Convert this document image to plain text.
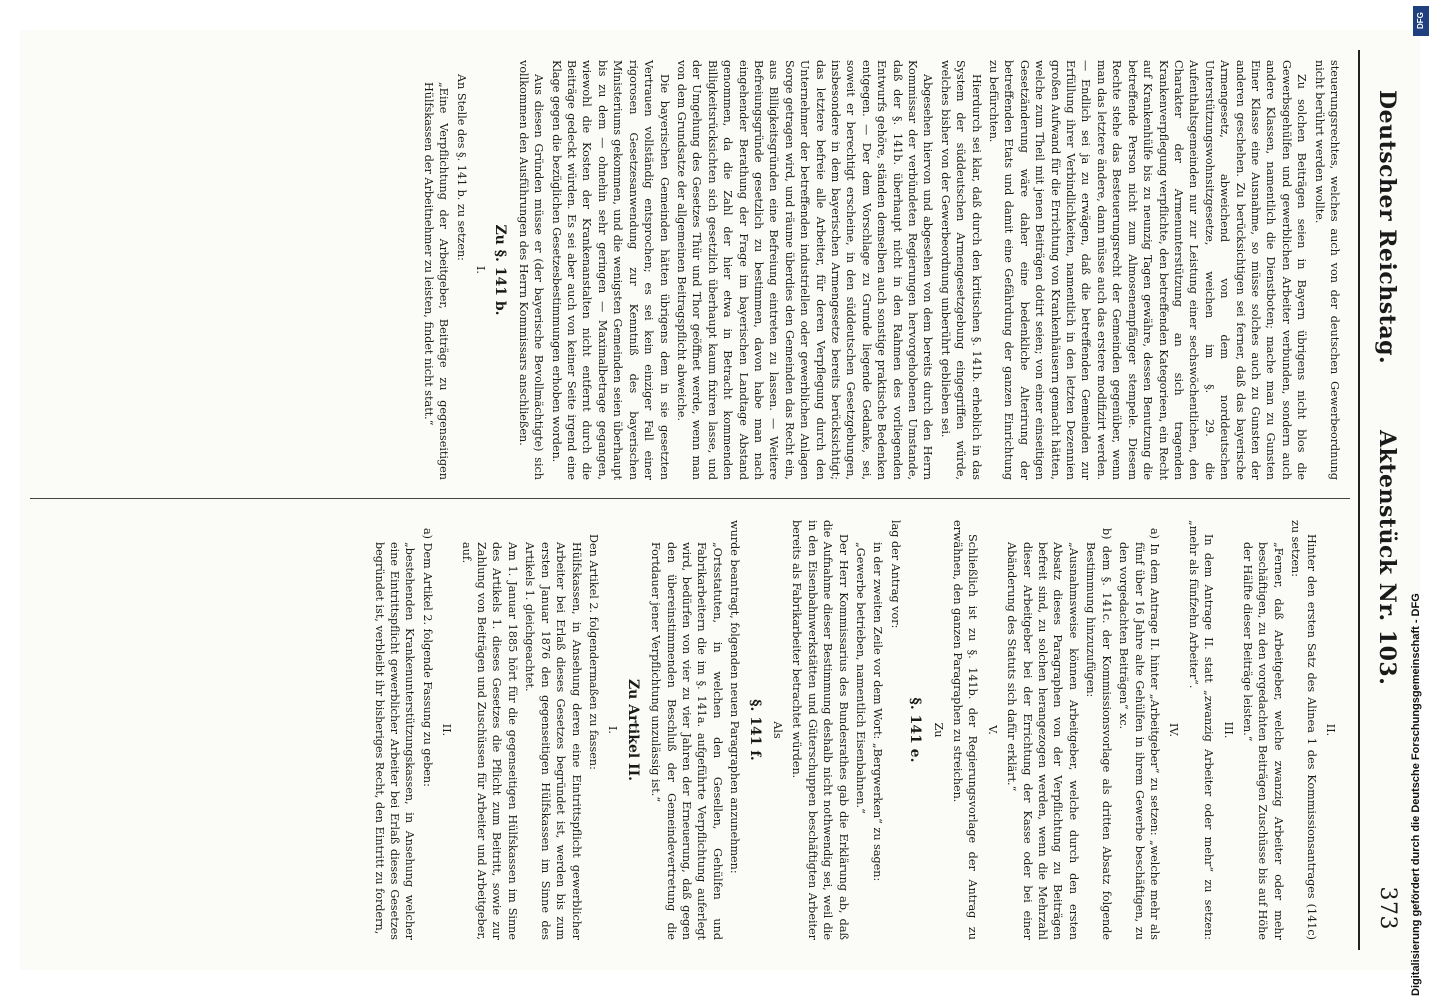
Deutscher Reichstag.
Aktenstück Nr. 103.
373

steuerungsrechtes, welches auch von der deutschen Gewerbeordnung nicht berührt werden wollte.

Zu solchen Beiträgen seien in Bayern übrigens nicht blos die Gewerbsgehülfen und gewerblichen Arbeiter verbunden, sondern auch andere Klassen, namentlich die Dienstboten; mache man zu Gunsten Einer Klasse eine Ausnahme, so müsse solches auch zu Gunsten der anderen geschehen. Zu berücksichtigen sei ferner, daß das bayerische Armengesetz, abweichend von dem norddeutschen Unterstützungswohnsitzgesetze, weichen im §. 29. die Aufenthaltsgemeinden nur zur Leistung einer sechswöchentlichen, den Charakter der Armenunterstützung an sich tragenden Krankenverpflegung verpflichte, den betreffenden Kategorieen, ein Recht auf Krankenhülfe bis zu neunzig Tagen gewähre, dessen Benutzung die betreffende Person nicht zum Almosenempfänger stempele. Diesem Rechte stehe das Besteuerungsrecht der Gemeinden gegenüber, wenn man das letztere ändere, dann müsse auch das erstere modifizirt werden. — Endlich sei ja zu erwägen, daß die betreffenden Gemeinden zur Erfüllung ihrer Verbindlichkeiten, namentlich in den letzten Dezennien großen Aufwand für die Errichtung von Krankenhäusern gemacht hätten, welche zum Theil mit jenen Beiträgen dotirt seien; von einer einseitigen Gesetzänderung wäre daher eine bedenkliche Alterirung der betreffenden Etats und damit eine Gefährdung der ganzen Einrichtung zu befürchten.

Hierdurch sei klar, daß durch den kritischen §. 141b. erheblich in das System der süddeutschen Armengesetzgebung eingegriffen würde, welches bisher von der Gewerbeordnung unberührt geblieben sei.

Abgesehen hiervon und abgesehen von dem bereits durch den Herrn Kommissar der verbündeten Regierungen hervorgehobenen Umstande, daß der §. 141b. überhaupt nicht in den Rahmen des vorliegenden Entwurfs gehöre, ständen demselben auch sonstige praktische Bedenken entgegen. — Der dem Vorschlage zu Grunde liegende Gedanke, sei, soweit er berechtigt erscheine, in den süddeutschen Gesetzgebungen, insbesondere in dem bayerischen Armengesetze bereits berücksichtigt; das letztere befreie alle Arbeiter, für deren Verpflegung durch den Unternehmer der betreffenden industriellen oder gewerblichen Anlagen Sorge getragen wird, und räume überdies den Gemeinden das Recht ein, aus Billigkeitsgründen eine Befreiung eintreten zu lassen. — Weitere Befreiungsgründe gesetzlich zu bestimmen, davon habe man nach eingehender Berathung der Frage im bayerischen Landtage Abstand genommen, da die Zahl der hier etwa in Betracht kommenden Billigkeitsrücksichten sich gesetzlich überhaupt kaum fixiren lasse, und der Umgehung des Gesetzes Thür und Thor geöffnet werde, wenn man von dem Grundsatze der allgemeinen Beitragspflicht abweiche.

Die bayerischen Gemeinden hätten übrigens dem in sie gesetzten Vertrauen vollständig entsprochen; es sei kein einziger Fall einer rigorosen Gesetzesanwendung zur Kenntniß des bayerischen Ministeriums gekommen, und die wenigsten Gemeinden seien überhaupt bis zu dem — ohnehin sehr geringen — Maximalbetrage gegangen, wiewohl die Kosten der Krankenanstalten nicht entfernt durch die Beiträge gedeckt würden. Es sei aber auch von keiner Seite irgend eine Klage gegen die bezüglichen Gesetzesbestimmungen erhoben worden.

Aus diesen Gründen müsse er (der bayerische Bevollmächtigte) sich vollkommen den Ausführungen des Herrn Kommissars anschließen.

Zu §. 141 b.
I.

An Stelle des §. 141 b. zu setzen:

„Eine Verpflichtung der Arbeitgeber, Beiträge zu gegenseitigen Hülfskassen der Arbeitnehmer zu leisten, findet nicht statt.“

II.

Hinter den ersten Satz des Alinea 1 des Kommissionsantrages (141c) zu setzen:

„Ferner, daß Arbeitgeber, welche zwanzig Arbeiter oder mehr beschäftigen, zu den vorgedachten Beiträgen Zuschüsse bis auf Höhe der Hälfte dieser Beiträge leisten.“

III.

In dem Antrage II. statt „zwanzig Arbeiter oder mehr“ zu setzen: „mehr als fünfzehn Arbeiter“.

IV.

a) In dem Antrage II. hinter „Arbeitgeber“ zu setzen: „welche mehr als fünf über 16 Jahre alte Gehülfen in ihrem Gewerbe beschäftigen, zu den vorgedachten Beiträgen“ xc.

b) dem §. 141c. der Kommissionsvorlage als dritten Absatz folgende Bestimmung hinzuzufügen:

„Ausnahmsweise können Arbeitgeber, welche durch den ersten Absatz dieses Paragraphen von der Verpflichtung zu Beiträgen befreit sind, zu solchen herangezogen werden, wenn die Mehrzahl dieser Arbeitgeber bei der Errichtung der Kasse oder bei einer Abänderung des Statuts sich dafür erklärt.“

V.

Schließlich ist zu §. 141b. der Regierungsvorlage der Antrag zu erwähnen, den ganzen Paragraphen zu streichen.

Zu
§. 141 e.

lag der Antrag vor:

in der zweiten Zeile vor dem Wort: „Bergwerken“ zu sagen:

„Gewerbe betrieben, namentlich Eisenbahnen.“

Der Herr Kommissarius des Bundesrathes gab die Erklärung ab, daß die Aufnahme dieser Bestimmung deshalb nicht nothwendig sei, weil die in den Eisenbahnwerkstätten und Güterschuppen beschäftigten Arbeiter bereits als Fabrikarbeiter betrachtet würden.

Als
§. 141 f.

wurde beantragt, folgenden neuen Paragraphen anzunehmen:

„Ortsstatuten, in welchen den Gesellen, Gehülfen und Fabrikarbeitern die im §. 141a. aufgeführte Verpflichtung auferlegt wird, bedürfen von vier zu vier Jahren der Erneuerung, daß gegen den übereinstimmenden Beschluß der Gemeindevertretung die Fortdauer jener Verpflichtung unzulässig ist.“

Zu Artikel II.
I.

Den Artikel 2. folgendermaßen zu fassen:

Hülfskassen, in Ansehung deren eine Eintrittspflicht gewerblicher Arbeiter bei Erlaß dieses Gesetzes begründet ist, werden bis zum ersten Januar 1876 den gegenseitigen Hülfskassen im Sinne des Artikels 1. gleichgeachtet.

Am 1. Januar 1885 hört für die gegenseitigen Hülfskassen im Sinne des Artikels 1. dieses Gesetzes die Pflicht zum Beitritt, sowie zur Zahlung von Beiträgen und Zuschüssen für Arbeiter und Arbeitgeber, auf.

II.

a) Dem Artikel 2. folgende Fassung zu geben:

„bestehenden Krankenunterstützungskassen, in Ansehung welcher eine Eintrittspflicht gewerblicher Arbeiter bei Erlaß dieses Gesetzes begründet ist, verbleibt ihr bisheriges Recht, den Eintritt zu fordern,

DFG
Digitalisierung gefördert durch die Deutsche Forschungsgemeinschaft - DFG
